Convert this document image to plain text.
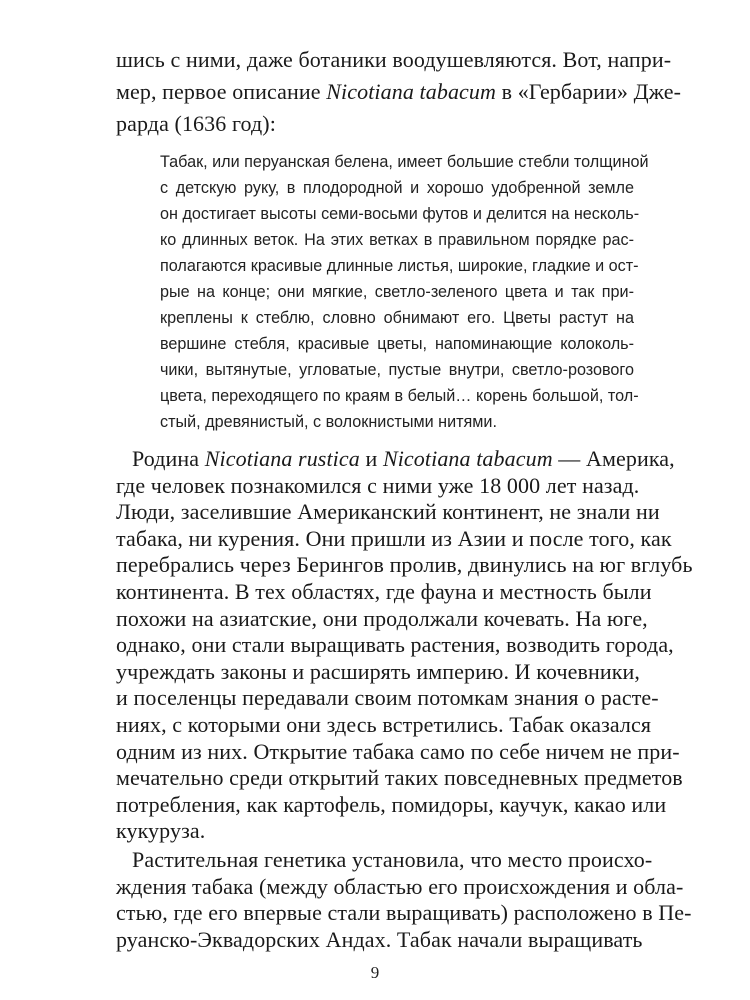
шись с ними, даже ботаники воодушевляются. Вот, напри-
мер, первое описание Nicotiana tabacum в «Гербарии» Дже-
рарда (1636 год):
Табак, или перуанская белена, имеет большие стебли толщиной
с детскую руку, в плодородной и хорошо удобренной земле
он достигает высоты семи-восьми футов и делится на несколь-
ко длинных веток. На этих ветках в правильном порядке рас-
полагаются красивые длинные листья, широкие, гладкие и ост-
рые на конце; они мягкие, светло-зеленого цвета и так при-
креплены к стеблю, словно обнимают его. Цветы растут на
вершине стебля, красивые цветы, напоминающие колоколь-
чики, вытянутые, угловатые, пустые внутри, светло-розового
цвета, переходящего по краям в белый… корень большой, тол-
стый, древянистый, с волокнистыми нитями.
Родина Nicotiana rustica и Nicotiana tabacum — Америка,
где человек познакомился с ними уже 18 000 лет назад.
Люди, заселившие Американский континент, не знали ни
табака, ни курения. Они пришли из Азии и после того, как
перебрались через Берингов пролив, двинулись на юг вглубь
континента. В тех областях, где фауна и местность были
похожи на азиатские, они продолжали кочевать. На юге,
однако, они стали выращивать растения, возводить города,
учреждать законы и расширять империю. И кочевники,
и поселенцы передавали своим потомкам знания о расте-
ниях, с которыми они здесь встретились. Табак оказался
одним из них. Открытие табака само по себе ничем не при-
мечательно среди открытий таких повседневных предметов
потребления, как картофель, помидоры, каучук, какао или
кукуруза.
9
Растительная генетика установила, что место происхо-
ждения табака (между областью его происхождения и обла-
стью, где его впервые стали выращивать) расположено в Пе-
руанско-Эквадорских Андах. Табак начали выращивать
